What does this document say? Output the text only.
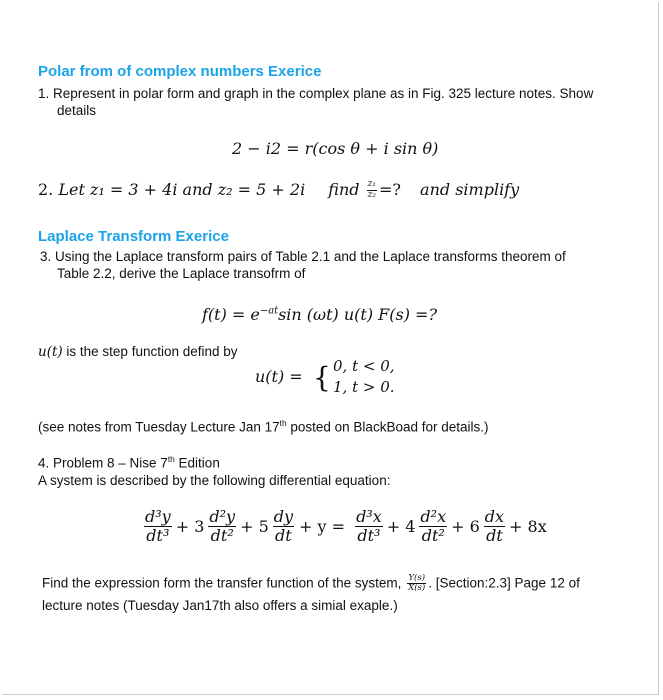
Polar from of complex numbers Exerice
1. Represent in polar form and graph in the complex plane as in Fig. 325 lecture notes. Show
details
2 − i2 = r(cos θ + i sin θ)
2. Let z₁ = 3 + 4i and z₂ = 5 + 2i find $\frac{\text{z₁}}{\text{z₂}}$ =? and simplify
Laplace Transform Exerice
3. Using the Laplace transform pairs of Table 2.1 and the Laplace transforms theorem of
Table 2.2, derive the Laplace transofrm of
$f(t) = e^{-at}\sin$ (ωt) u(t) F(s) =?
u(t) is the step function defind by
u(t) = { 0, t < 0,
1, t > 0.
(see notes from Tuesday Lecture Jan 17th posted on BlackBoad for details.)
4. Problem 8 – Nise 7th Edition
A system is described by the following differential equation:
$\frac{\text{d³y}}{\text{dt³}} + 3 \frac{\text{d²y}}{\text{dt²}} + 5 \frac{dy}{dt} + y = \frac{\text{d³x}}{\text{dt³}} + 4 \frac{\text{d²x}}{\text{dt²}} + 6 \frac{dx}{dt} + 8x$
Find the expression form the transfer function of the system, $\frac{Y(s)}{X(s)}$ . [Section:2.3] Page 12 of
lecture notes (Tuesday Jan17th also offers a simial exaple.)
